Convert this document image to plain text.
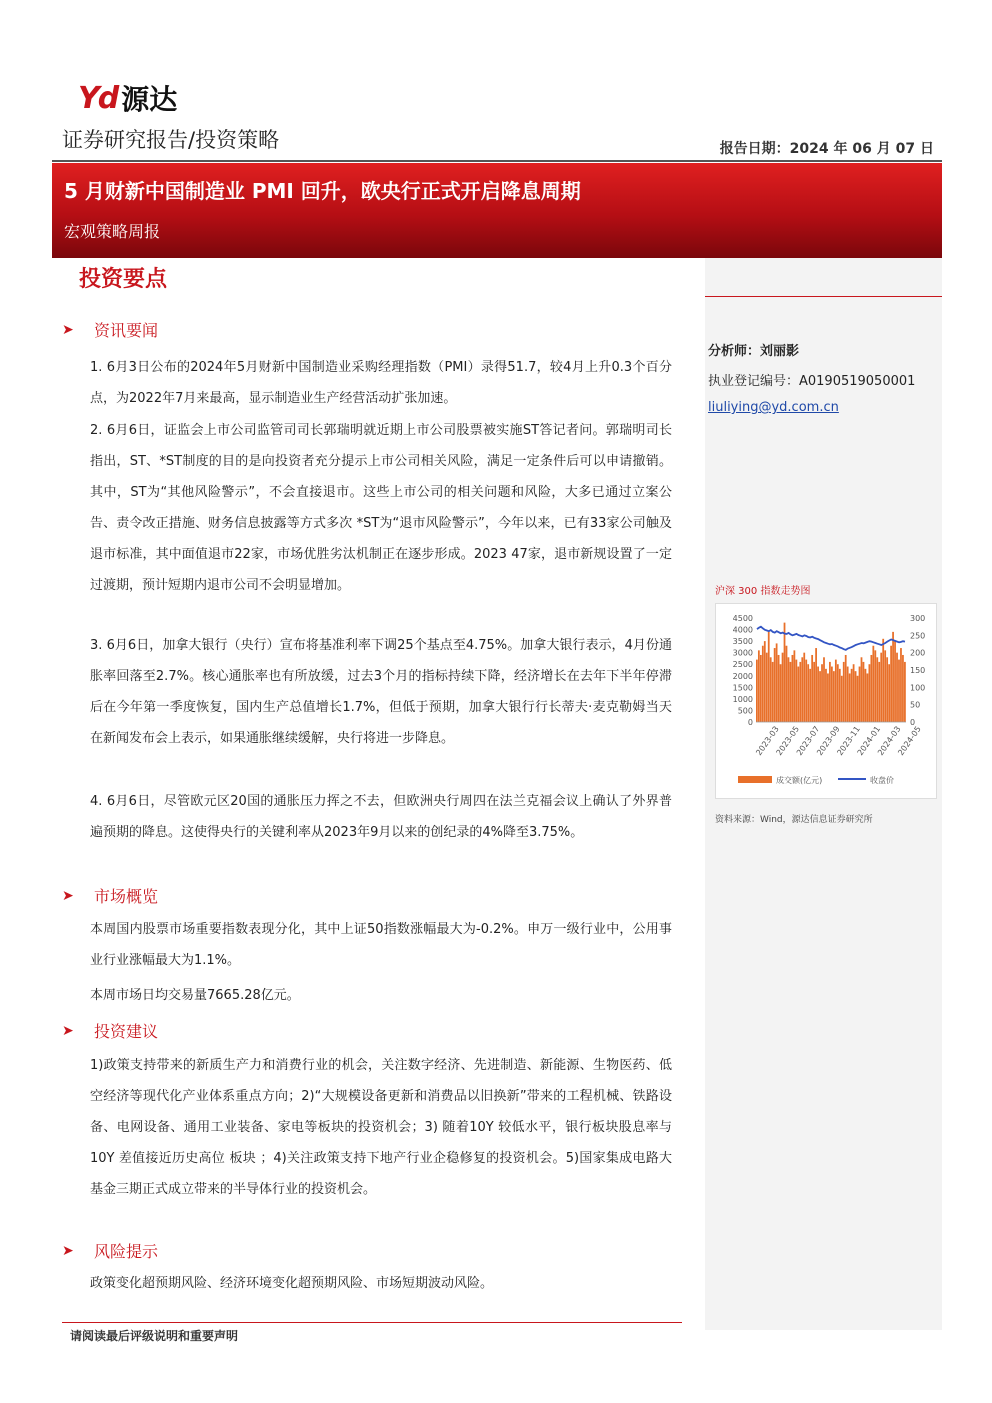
Yd 源达
证券研究报告/投资策略	报告日期：2024 年 06 月 07 日
5 月财新中国制造业 PMI 回升，欧央行正式开启降息周期
宏观策略周报
分析师：刘丽影
执业登记编号：A0190519050001
liuliying@yd.com.cn
沪深 300 指数走势图
0
500
1000
1500
2000
2500
3000
3500
4000
4500
0
50
100
150
200
250
300
2023-03
2023-05
2023-07
2023-09
2023-11
2024-01
2024-03
2024-05
成交额(亿元)	收盘价
资料来源：Wind，源达信息证券研究所
投资要点
➤	资讯要闻
1. 6月3日公布的2024年5月财新中国制造业采购经理指数（PMI）录得51.7，较4月上升0.3个百分点，为2022年7月来最高，显示制造业生产经营活动扩张加速。
2. 6月6日，证监会上市公司监管司司长郭瑞明就近期上市公司股票被实施ST答记者问。郭瑞明司长指出，ST、*ST制度的目的是向投资者充分提示上市公司相关风险，满足一定条件后可以申请撤销。其中，ST为“其他风险警示”，不会直接退市。这些上市公司的相关问题和风险，大多已通过立案公告、责令改正措施、财务信息披露等方式多次 *ST为“退市风险警示”，今年以来，已有33家公司触及退市标准，其中面值退市22家，市场优胜劣汰机制正在逐步形成。2023 47家，退市新规设置了一定过渡期，预计短期内退市公司不会明显增加。
3. 6月6日，加拿大银行（央行）宣布将基准利率下调25个基点至4.75%。加拿大银行表示，4月份通胀率回落至2.7%。核心通胀率也有所放缓，过去3个月的指标持续下降，经济增长在去年下半年停滞后在今年第一季度恢复，国内生产总值增长1.7%，但低于预期，加拿大银行行长蒂夫·麦克勒姆当天在新闻发布会上表示，如果通胀继续缓解，央行将进一步降息。
4. 6月6日，尽管欧元区20国的通胀压力挥之不去，但欧洲央行周四在法兰克福会议上确认了外界普遍预期的降息。这使得央行的关键利率从2023年9月以来的创纪录的4%降至3.75%。
➤	市场概览
本周国内股票市场重要指数表现分化，其中上证50指数涨幅最大为-0.2%。申万一级行业中，公用事业行业涨幅最大为1.1%。
本周市场日均交易量7665.28亿元。
➤	投资建议
1)政策支持带来的新质生产力和消费行业的机会，关注数字经济、先进制造、新能源、生物医药、低空经济等现代化产业体系重点方向；2)“大规模设备更新和消费品以旧换新”带来的工程机械、铁路设备、电网设备、通用工业装备、家电等板块的投资机会；3) 随着10Y 较低水平，银行板块股息率与10Y 差值接近历史高位 板块 ；4)关注政策支持下地产行业企稳修复的投资机会。5)国家集成电路大基金三期正式成立带来的半导体行业的投资机会。
➤	风险提示
政策变化超预期风险、经济环境变化超预期风险、市场短期波动风险。
请阅读最后评级说明和重要声明
